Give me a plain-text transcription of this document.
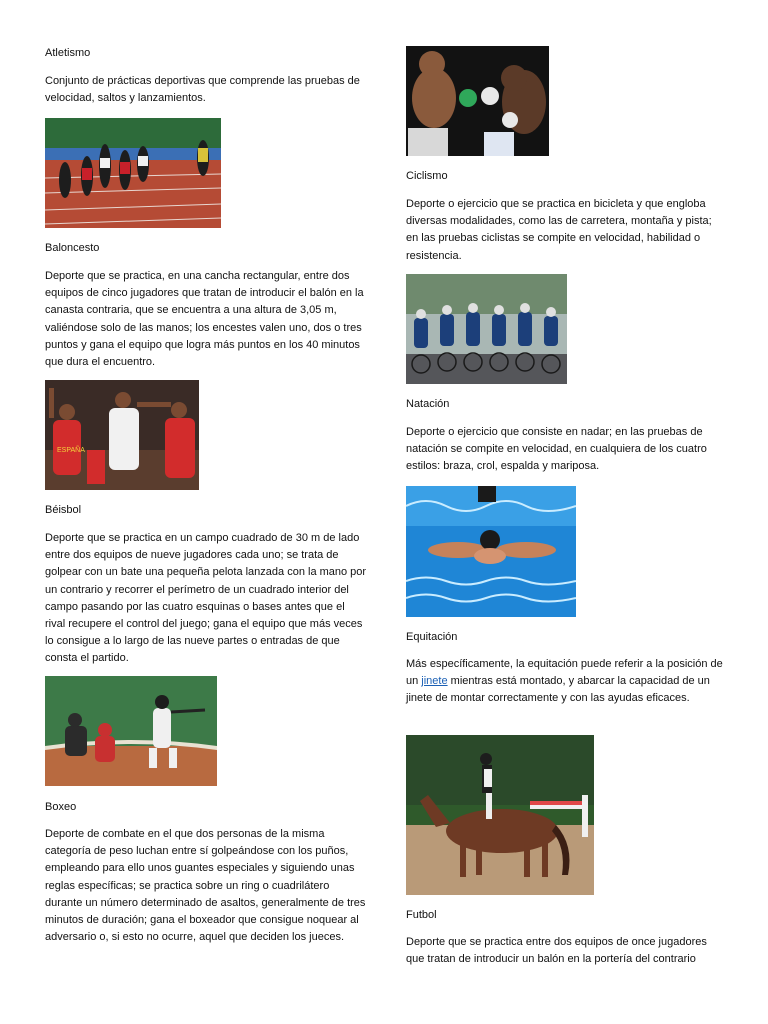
Atletismo
Conjunto de prácticas deportivas que comprende las pruebas de velocidad, saltos y lanzamientos.
Baloncesto
Deporte que se practica, en una cancha rectangular, entre dos equipos de cinco jugadores que tratan de introducir el balón en la canasta contraria, que se encuentra a una altura de 3,05 m, valiéndose solo de las manos; los encestes valen uno, dos o tres puntos y gana el equipo que logra más puntos en los 40 minutos que dura el encuentro.
ESPAÑA
Béisbol
Deporte que se practica en un campo cuadrado de 30 m de lado entre dos equipos de nueve jugadores cada uno; se trata de golpear con un bate una pequeña pelota lanzada con la mano por un contrario y recorrer el perímetro de un cuadrado interior del campo pasando por las cuatro esquinas o bases antes que el rival recupere el control del juego; gana el equipo que más veces lo consigue a lo largo de las nueve partes o entradas de que consta el partido.
Boxeo
Deporte de combate en el que dos personas de la misma categoría de peso luchan entre sí golpeándose con los puños, empleando para ello unos guantes especiales y siguiendo unas reglas específicas; se practica sobre un ring o cuadrilátero durante un número determinado de asaltos, generalmente de tres minutos de duración; gana el boxeador que consigue noquear al adversario o, si esto no ocurre, aquel que deciden los jueces.
Ciclismo
Deporte o ejercicio que se practica en bicicleta y que engloba diversas modalidades, como las de carretera, montaña y pista; en las pruebas ciclistas se compite en velocidad, habilidad o resistencia.
Natación
Deporte o ejercicio que consiste en nadar; en las pruebas de natación se compite en velocidad, en cualquiera de los cuatro estilos: braza, crol, espalda y mariposa.
Equitación
Más específicamente, la equitación puede referir a la posición de un jinete mientras está montado, y abarcar la capacidad de un jinete de montar correctamente y con las ayudas eficaces.
Futbol
Deporte que se practica entre dos equipos de once jugadores que tratan de introducir un balón en la portería del contrario
